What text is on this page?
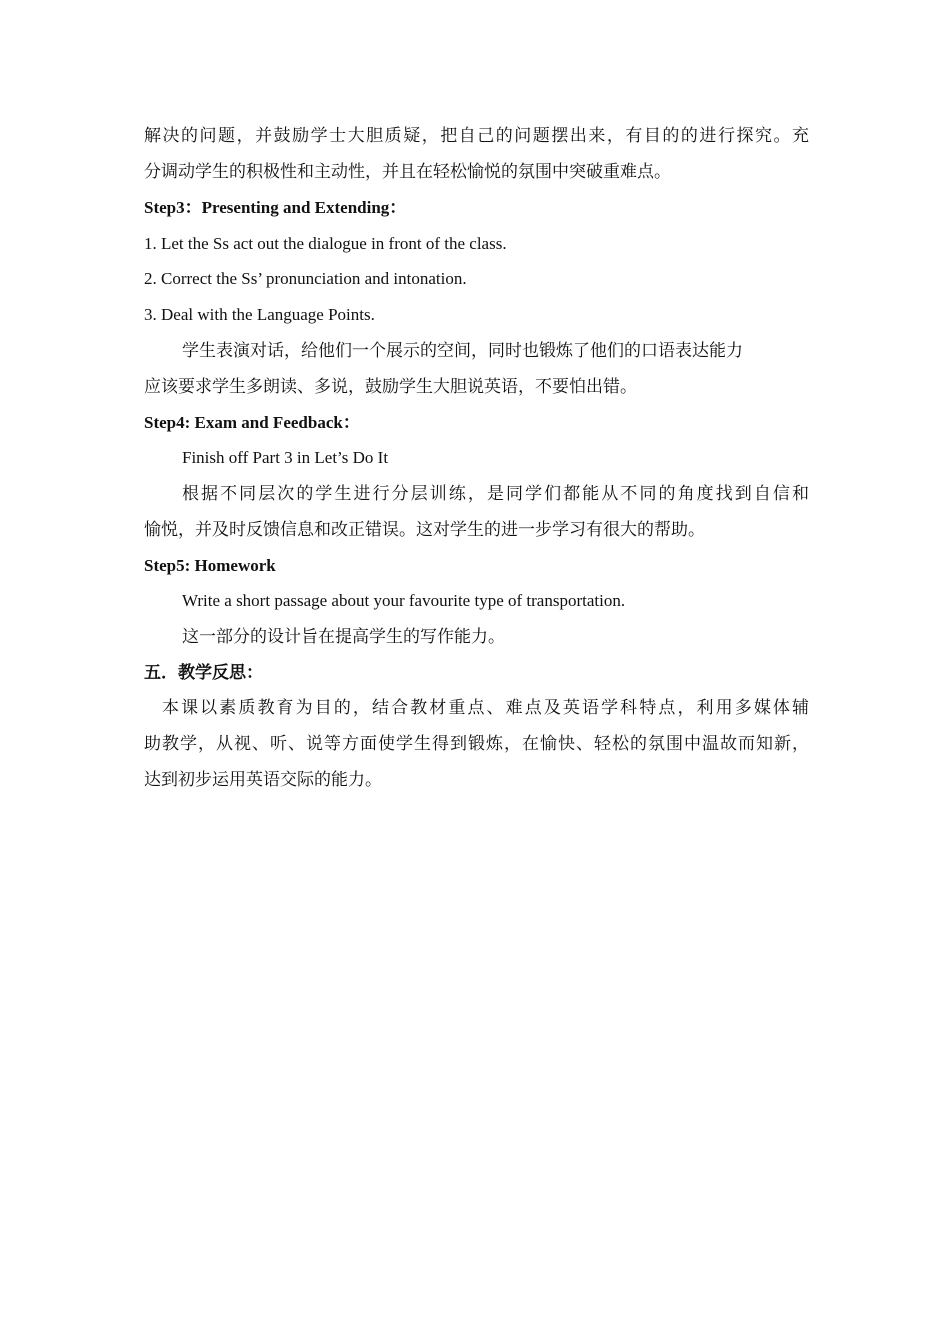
解决的问题，并鼓励学士大胆质疑，把自己的问题摆出来，有目的的进行探究。充
分调动学生的积极性和主动性，并且在轻松愉悦的氛围中突破重难点。
Step3：Presenting and Extending：
1. Let the Ss act out the dialogue in front of the class.
2. Correct the Ss’ pronunciation and intonation.
3. Deal with the Language Points.
学生表演对话，给他们一个展示的空间，同时也锻炼了他们的口语表达能力
应该要求学生多朗读、多说，鼓励学生大胆说英语，不要怕出错。
Step4: Exam and Feedback：
Finish off Part 3 in Let’s Do It
根据不同层次的学生进行分层训练，是同学们都能从不同的角度找到自信和
愉悦，并及时反馈信息和改正错误。这对学生的进一步学习有很大的帮助。
Step5: Homework
Write a short passage about your favourite type of transportation.
这一部分的设计旨在提高学生的写作能力。
五．教学反思：
本课以素质教育为目的，结合教材重点、难点及英语学科特点，利用多媒体辅
助教学，从视、听、说等方面使学生得到锻炼，在愉快、轻松的氛围中温故而知新，
达到初步运用英语交际的能力。
